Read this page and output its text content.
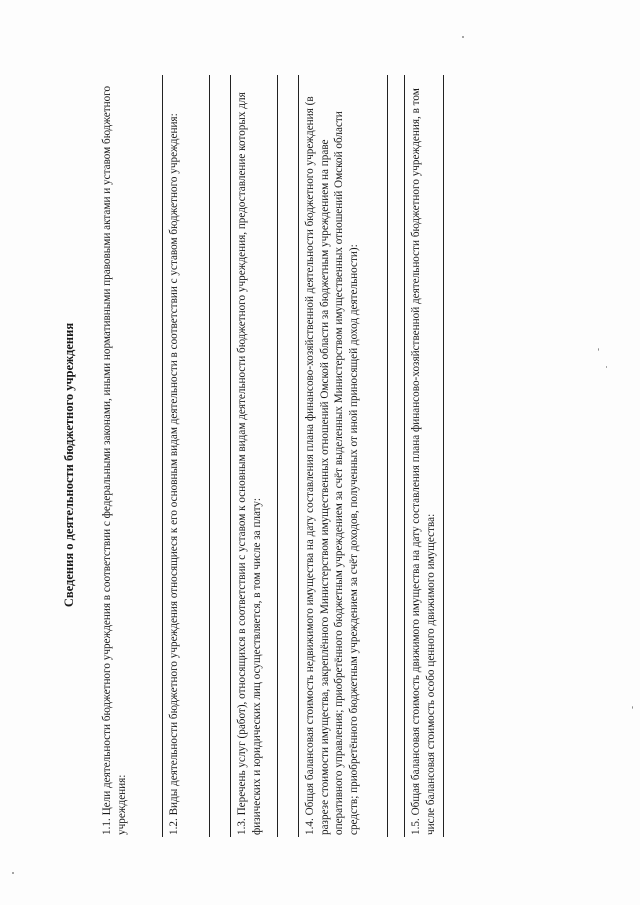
Сведения о деятельности бюджетного учреждения	1.1. Цели деятельности бюджетного учреждения в соответствии с федеральными законами, иными нормативными правовыми актами и уставом бюджетного учреждения:	1.2. Виды деятельности бюджетного учреждения относящиеся к его основным видам деятельности в соответствии с уставом бюджетного учреждения:	1.3. Перечень услуг (работ), относящихся в соответствии с уставом к основным видам деятельности бюджетного учреждения, предоставление которых для физических и юридических лиц осуществляется, в том числе за плату:	1.4. Общая балансовая стоимость недвижимого имущества на дату составления плана финансово-хозяйственной деятельности бюджетного учреждения (в разрезе стоимости имущества, закреплённого Министерством имущественных отношений Омской области за бюджетным учреждением на праве оперативного управления; приобретённого бюджетным учреждением за счёт выделенных Министерством имущественных отношений Омской области средств; приобретённого бюджетным учреждением за счёт доходов, полученных от иной приносящей доход деятельности):	1.5. Общая балансовая стоимость движимого имущества на дату составления плана финансово-хозяйственной деятельности бюджетного учреждения, в том числе балансовая стоимость особо ценного движимого имущества:
